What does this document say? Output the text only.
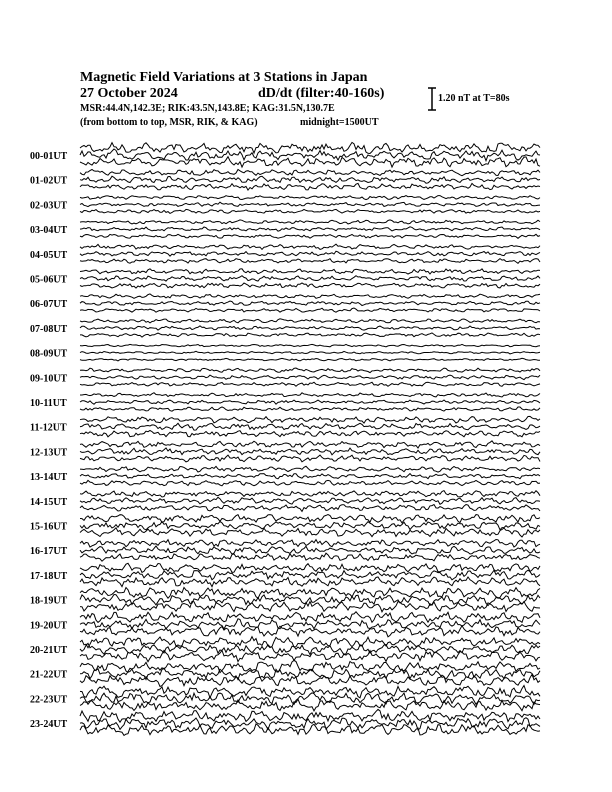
Magnetic Field Variations at 3 Stations in Japan
27 October 2024	dD/dt (filter:40-160s)
MSR:44.4N,142.3E; RIK:43.5N,143.8E; KAG:31.5N,130.7E
(from bottom to top, MSR, RIK, & KAG)	midnight=1500UT
1.20 nT at T=80s
00-01UT
01-02UT
02-03UT
03-04UT
04-05UT
05-06UT
06-07UT
07-08UT
08-09UT
09-10UT
10-11UT
11-12UT
12-13UT
13-14UT
14-15UT
15-16UT
16-17UT
17-18UT
18-19UT
19-20UT
20-21UT
21-22UT
22-23UT
23-24UT
